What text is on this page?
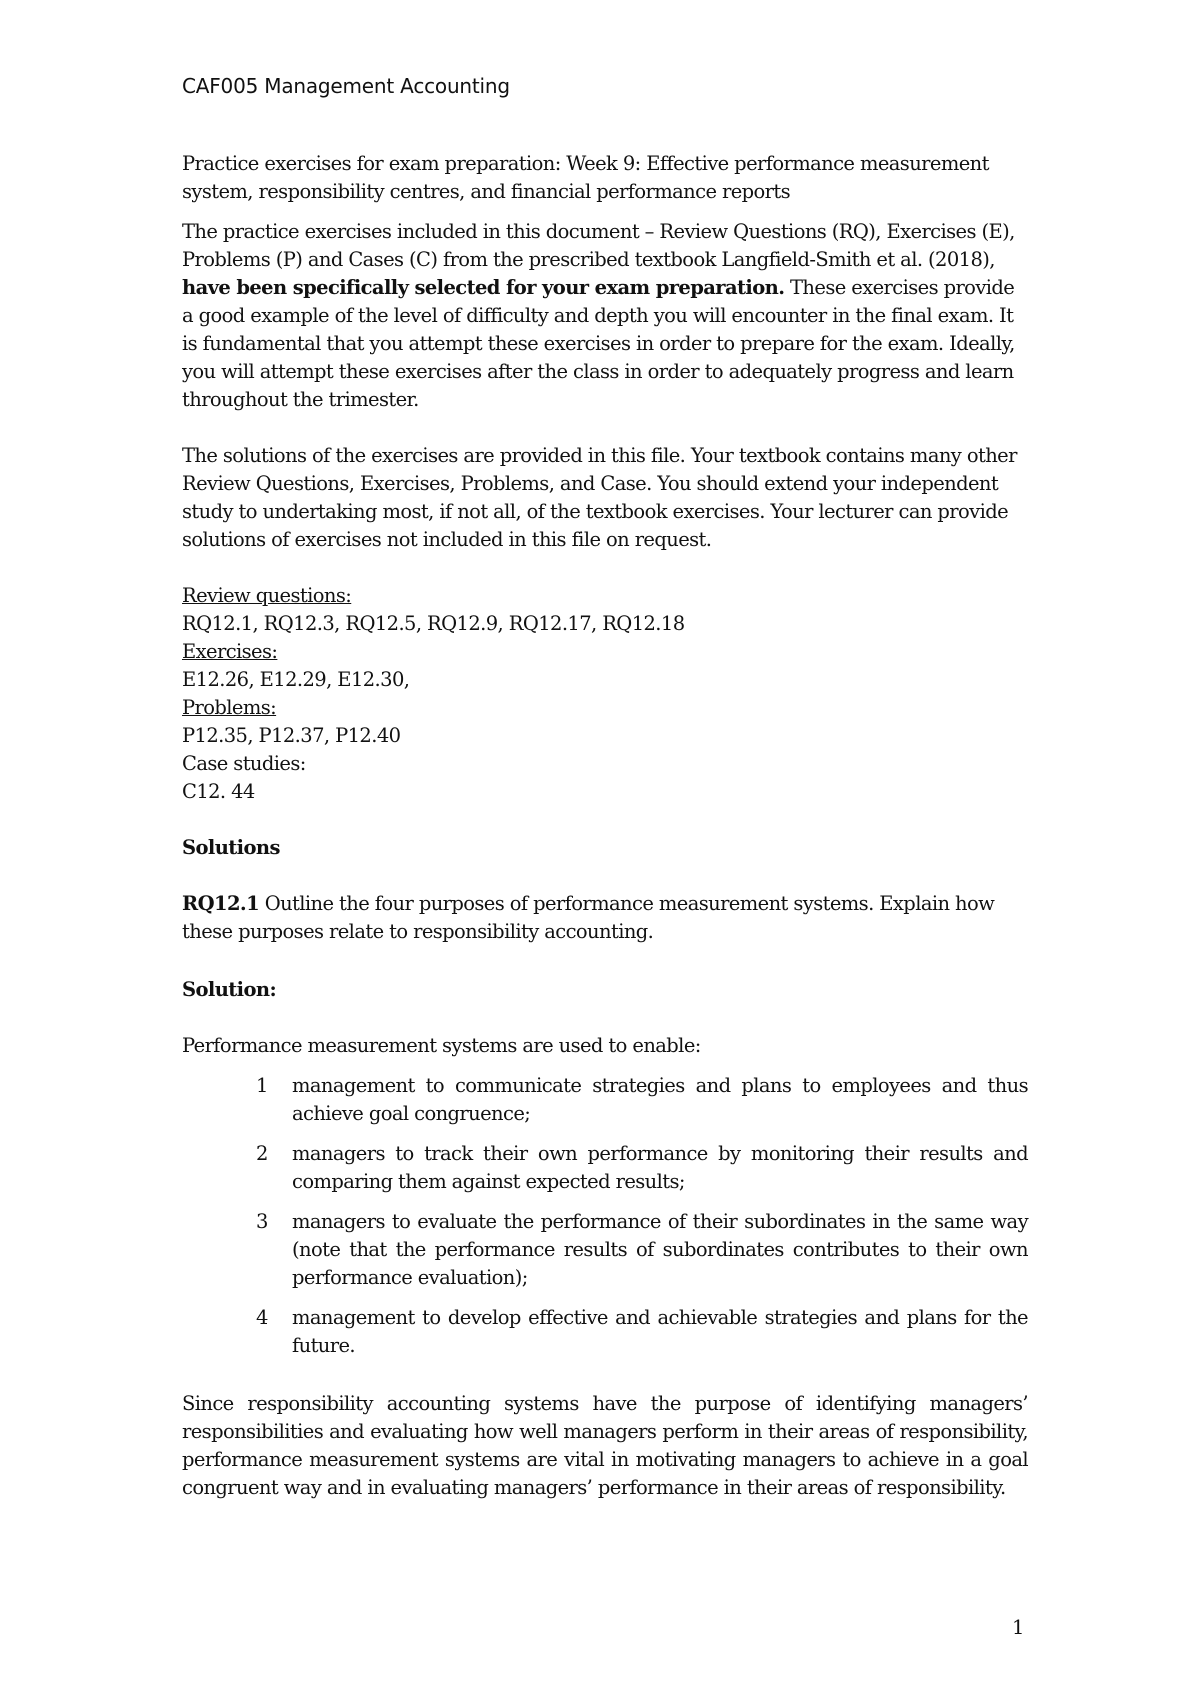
CAF005 Management Accounting

Practice exercises for exam preparation: Week 9: Effective performance measurement system, responsibility centres, and financial performance reports

The practice exercises included in this document – Review Questions (RQ), Exercises (E), Problems (P) and Cases (C) from the prescribed textbook Langfield-Smith et al. (2018), have been specifically selected for your exam preparation. These exercises provide a good example of the level of difficulty and depth you will encounter in the final exam. It is fundamental that you attempt these exercises in order to prepare for the exam. Ideally, you will attempt these exercises after the class in order to adequately progress and learn throughout the trimester.

The solutions of the exercises are provided in this file. Your textbook contains many other Review Questions, Exercises, Problems, and Case. You should extend your independent study to undertaking most, if not all, of the textbook exercises. Your lecturer can provide solutions of exercises not included in this file on request.

Review questions:

RQ12.1, RQ12.3, RQ12.5, RQ12.9, RQ12.17, RQ12.18

Exercises:

E12.26, E12.29, E12.30,

Problems:

P12.35, P12.37, P12.40

Case studies:

C12. 44

Solutions

RQ12.1 Outline the four purposes of performance measurement systems. Explain how these purposes relate to responsibility accounting.

Solution:

Performance measurement systems are used to enable:

1	management to communicate strategies and plans to employees and thus achieve goal congruence;
2	managers to track their own performance by monitoring their results and comparing them against expected results;
3	managers to evaluate the performance of their subordinates in the same way (note that the performance results of subordinates contributes to their own performance evaluation);
4	management to develop effective and achievable strategies and plans for the future.

Since responsibility accounting systems have the purpose of identifying managers’ responsibilities and evaluating how well managers perform in their areas of responsibility, performance measurement systems are vital in motivating managers to achieve in a goal congruent way and in evaluating managers’ performance in their areas of responsibility.

1
